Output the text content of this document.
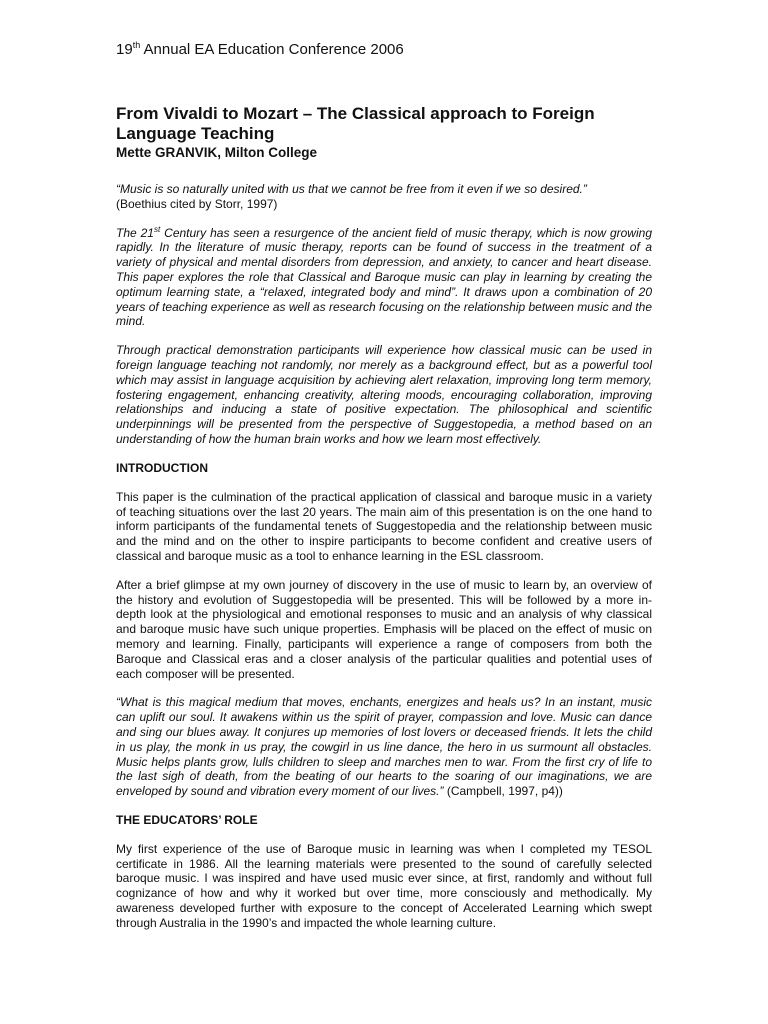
19th Annual EA Education Conference 2006
From Vivaldi to Mozart – The Classical approach to Foreign Language Teaching
Mette GRANVIK, Milton College

“Music is so naturally united with us that we cannot be free from it even if we so desired.”
(Boethius cited by Storr, 1997)

The 21st Century has seen a resurgence of the ancient field of music therapy, which is now growing rapidly. In the literature of music therapy, reports can be found of success in the treatment of a variety of physical and mental disorders from depression, and anxiety, to cancer and heart disease. This paper explores the role that Classical and Baroque music can play in learning by creating the optimum learning state, a “relaxed, integrated body and mind”. It draws upon a combination of 20 years of teaching experience as well as research focusing on the relationship between music and the mind.

Through practical demonstration participants will experience how classical music can be used in foreign language teaching not randomly, nor merely as a background effect, but as a powerful tool which may assist in language acquisition by achieving alert relaxation, improving long term memory, fostering engagement, enhancing creativity, altering moods, encouraging collaboration, improving relationships and inducing a state of positive expectation. The philosophical and scientific underpinnings will be presented from the perspective of Suggestopedia, a method based on an understanding of how the human brain works and how we learn most effectively.

INTRODUCTION

This paper is the culmination of the practical application of classical and baroque music in a variety of teaching situations over the last 20 years. The main aim of this presentation is on the one hand to inform participants of the fundamental tenets of Suggestopedia and the relationship between music and the mind and on the other to inspire participants to become confident and creative users of classical and baroque music as a tool to enhance learning in the ESL classroom.

After a brief glimpse at my own journey of discovery in the use of music to learn by, an overview of the history and evolution of Suggestopedia will be presented. This will be followed by a more in-depth look at the physiological and emotional responses to music and an analysis of why classical and baroque music have such unique properties. Emphasis will be placed on the effect of music on memory and learning. Finally, participants will experience a range of composers from both the Baroque and Classical eras and a closer analysis of the particular qualities and potential uses of each composer will be presented.

“What is this magical medium that moves, enchants, energizes and heals us? In an instant, music can uplift our soul. It awakens within us the spirit of prayer, compassion and love. Music can dance and sing our blues away. It conjures up memories of lost lovers or deceased friends. It lets the child in us play, the monk in us pray, the cowgirl in us line dance, the hero in us surmount all obstacles. Music helps plants grow, lulls children to sleep and marches men to war. From the first cry of life to the last sigh of death, from the beating of our hearts to the soaring of our imaginations, we are enveloped by sound and vibration every moment of our lives.” (Campbell, 1997, p4))

THE EDUCATORS’ ROLE

My first experience of the use of Baroque music in learning was when I completed my TESOL certificate in 1986. All the learning materials were presented to the sound of carefully selected baroque music. I was inspired and have used music ever since, at first, randomly and without full cognizance of how and why it worked but over time, more consciously and methodically. My awareness developed further with exposure to the concept of Accelerated Learning which swept through Australia in the 1990’s and impacted the whole learning culture.
